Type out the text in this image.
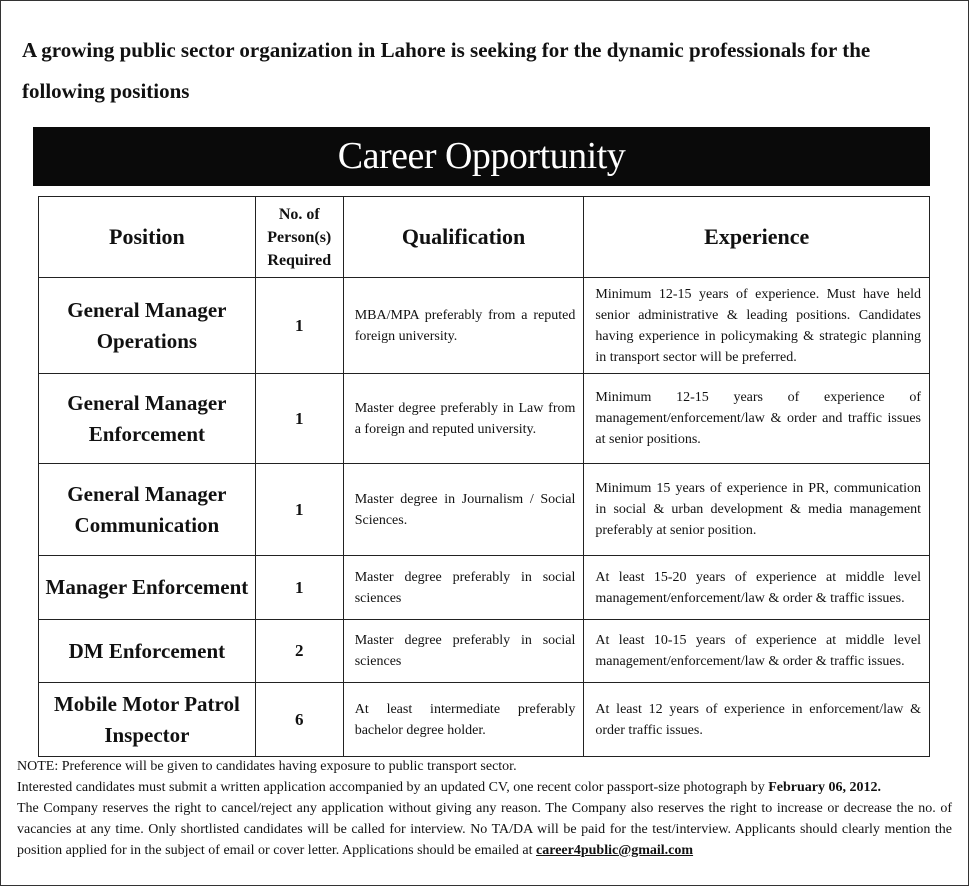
A growing public sector organization in Lahore is seeking for the dynamic professionals for the following positions
Career Opportunity
Position	No. of Person(s) Required	Qualification	Experience
General Manager Operations	1	MBA/MPA preferably from a reputed foreign university.	Minimum 12-15 years of experience. Must have held senior administrative & leading positions. Candidates having experience in policymaking & strategic planning in transport sector will be preferred.
General Manager Enforcement	1	Master degree preferably in Law from a foreign and reputed university.	Minimum 12-15 years of experience of management/enforcement/law & order and traffic issues at senior positions.
General Manager Communication	1	Master degree in Journalism / Social Sciences.	Minimum 15 years of experience in PR, communication in social & urban development & media management preferably at senior position.
Manager Enforcement	1	Master degree preferably in social sciences	At least 15-20 years of experience at middle level management/enforcement/law & order & traffic issues.
DM Enforcement	2	Master degree preferably in social sciences	At least 10-15 years of experience at middle level management/enforcement/law & order & traffic issues.
Mobile Motor Patrol Inspector	6	At least intermediate preferably bachelor degree holder.	At least 12 years of experience in enforcement/law & order traffic issues.

NOTE: Preference will be given to candidates having exposure to public transport sector.

Interested candidates must submit a written application accompanied by an updated CV, one recent color passport-size photograph by February 06, 2012.

The Company reserves the right to cancel/reject any application without giving any reason. The Company also reserves the right to increase or decrease the no. of vacancies at any time. Only shortlisted candidates will be called for interview. No TA/DA will be paid for the test/interview. Applicants should clearly mention the position applied for in the subject of email or cover letter. Applications should be emailed at career4public@gmail.com
